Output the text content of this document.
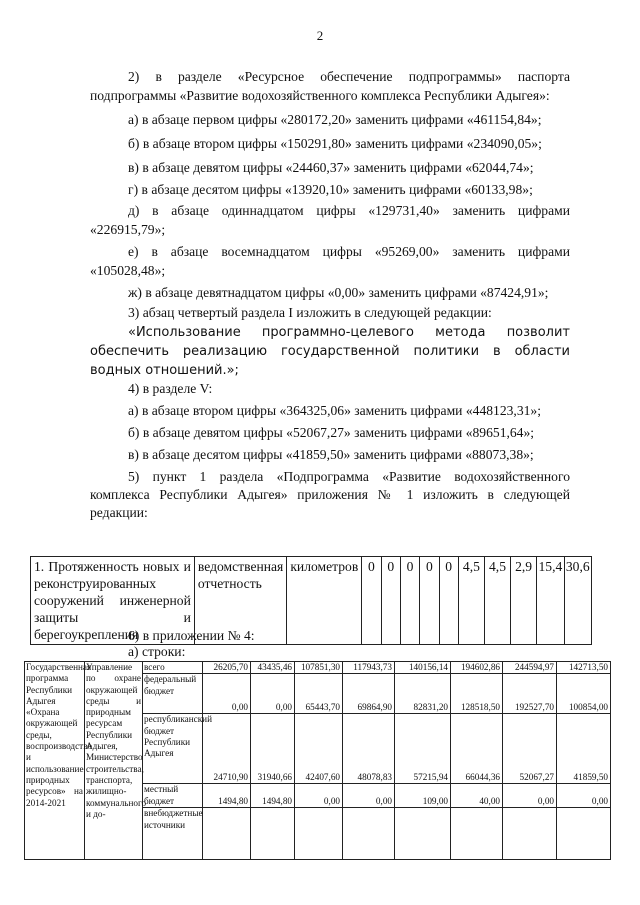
2

2) в разделе «Ресурсное обеспечение подпрограммы» паспорта подпрограммы «Развитие водохозяйственного комплекса Республики Адыгея»:

а) в абзаце первом цифры «280172,20» заменить цифрами «461154,84»;

б) в абзаце втором цифры «150291,80» заменить цифрами «234090,05»;

в) в абзаце девятом цифры «24460,37» заменить цифрами «62044,74»;

г) в абзаце десятом цифры «13920,10» заменить цифрами «60133,98»;

д) в абзаце одиннадцатом цифры «129731,40» заменить цифрами «226915,79»;

е) в абзаце восемнадцатом цифры «95269,00» заменить цифрами «105028,48»;

ж) в абзаце девятнадцатом цифры «0,00» заменить цифрами «87424,91»;

3) абзац четвертый раздела I изложить в следующей редакции:

«Использование программно-целевого метода позволит обеспечить реализацию государственной политики в области водных отношений.»;

4) в разделе V:

а) в абзаце втором цифры «364325,06» заменить цифрами «448123,31»;

б) в абзаце девятом цифры «52067,27» заменить цифрами «89651,64»;

в) в абзаце десятом цифры «41859,50» заменить цифрами «88073,38»;

5) пункт 1 раздела «Подпрограмма «Развитие водохозяйственного комплекса Республики Адыгея» приложения № 1 изложить в следующей редакции:

1. Протяженность новых и реконструированных сооружений инженерной защиты и берегоукрепления	ведомственная отчетность	километров	0	0	0	0	0	4,5	4,5	2,9	15,4	30,6
6) в приложении № 4:
а) строки:
Государственная программа Республики Адыгея «Охрана окружающей среды, воспроизводство и использование природных ресурсов» на 2014-2021	Управление по охране окружающей среды и природным ресурсам Республики Адыгея, Министерство строительства, транспорта, жилищно-коммунального и до-	всего	26205,70	43435,46	107851,30	117943,73	140156,14	194602,86	244594,97	142713,50
		федеральный бюджет	0,00	0,00	65443,70	69864,90	82831,20	128518,50	192527,70	100854,00
		республиканский бюджет Республики Адыгея	24710,90	31940,66	42407,60	48078,83	57215,94	66044,36	52067,27	41859,50
		местный бюджет	1494,80	1494,80	0,00	0,00	109,00	40,00	0,00	0,00
		внебюджетные источники								
